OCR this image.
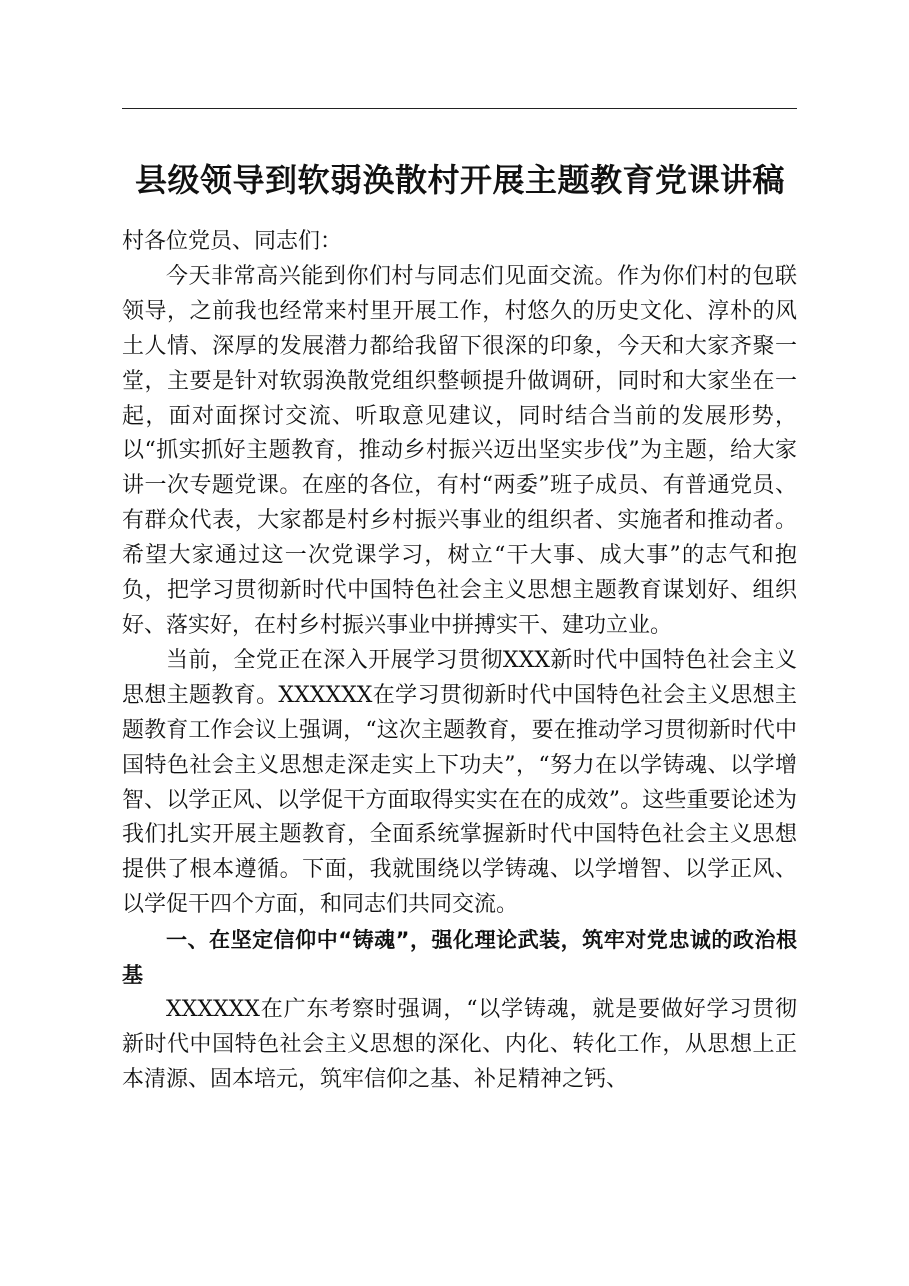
县级领导到软弱涣散村开展主题教育党课讲稿

村各位党员、同志们：

今天非常高兴能到你们村与同志们见面交流。作为你们村的包联领导，之前我也经常来村里开展工作，村悠久的历史文化、淳朴的风土人情、深厚的发展潜力都给我留下很深的印象，今天和大家齐聚一堂，主要是针对软弱涣散党组织整顿提升做调研，同时和大家坐在一起，面对面探讨交流、听取意见建议，同时结合当前的发展形势，以“抓实抓好主题教育，推动乡村振兴迈出坚实步伐”为主题，给大家讲一次专题党课。在座的各位，有村“两委”班子成员、有普通党员、有群众代表，大家都是村乡村振兴事业的组织者、实施者和推动者。希望大家通过这一次党课学习，树立“干大事、成大事”的志气和抱负，把学习贯彻新时代中国特色社会主义思想主题教育谋划好、组织好、落实好，在村乡村振兴事业中拼搏实干、建功立业。

当前，全党正在深入开展学习贯彻XXX新时代中国特色社会主义思想主题教育。XXXXXX在学习贯彻新时代中国特色社会主义思想主题教育工作会议上强调，“这次主题教育，要在推动学习贯彻新时代中国特色社会主义思想走深走实上下功夫”，“努力在以学铸魂、以学增智、以学正风、以学促干方面取得实实在在的成效”。这些重要论述为我们扎实开展主题教育，全面系统掌握新时代中国特色社会主义思想提供了根本遵循。下面，我就围绕以学铸魂、以学增智、以学正风、以学促干四个方面，和同志们共同交流。

一、在坚定信仰中“铸魂”，强化理论武装，筑牢对党忠诚的政治根基

XXXXXX在广东考察时强调，“以学铸魂，就是要做好学习贯彻新时代中国特色社会主义思想的深化、内化、转化工作，从思想上正本清源、固本培元，筑牢信仰之基、补足精神之钙、
